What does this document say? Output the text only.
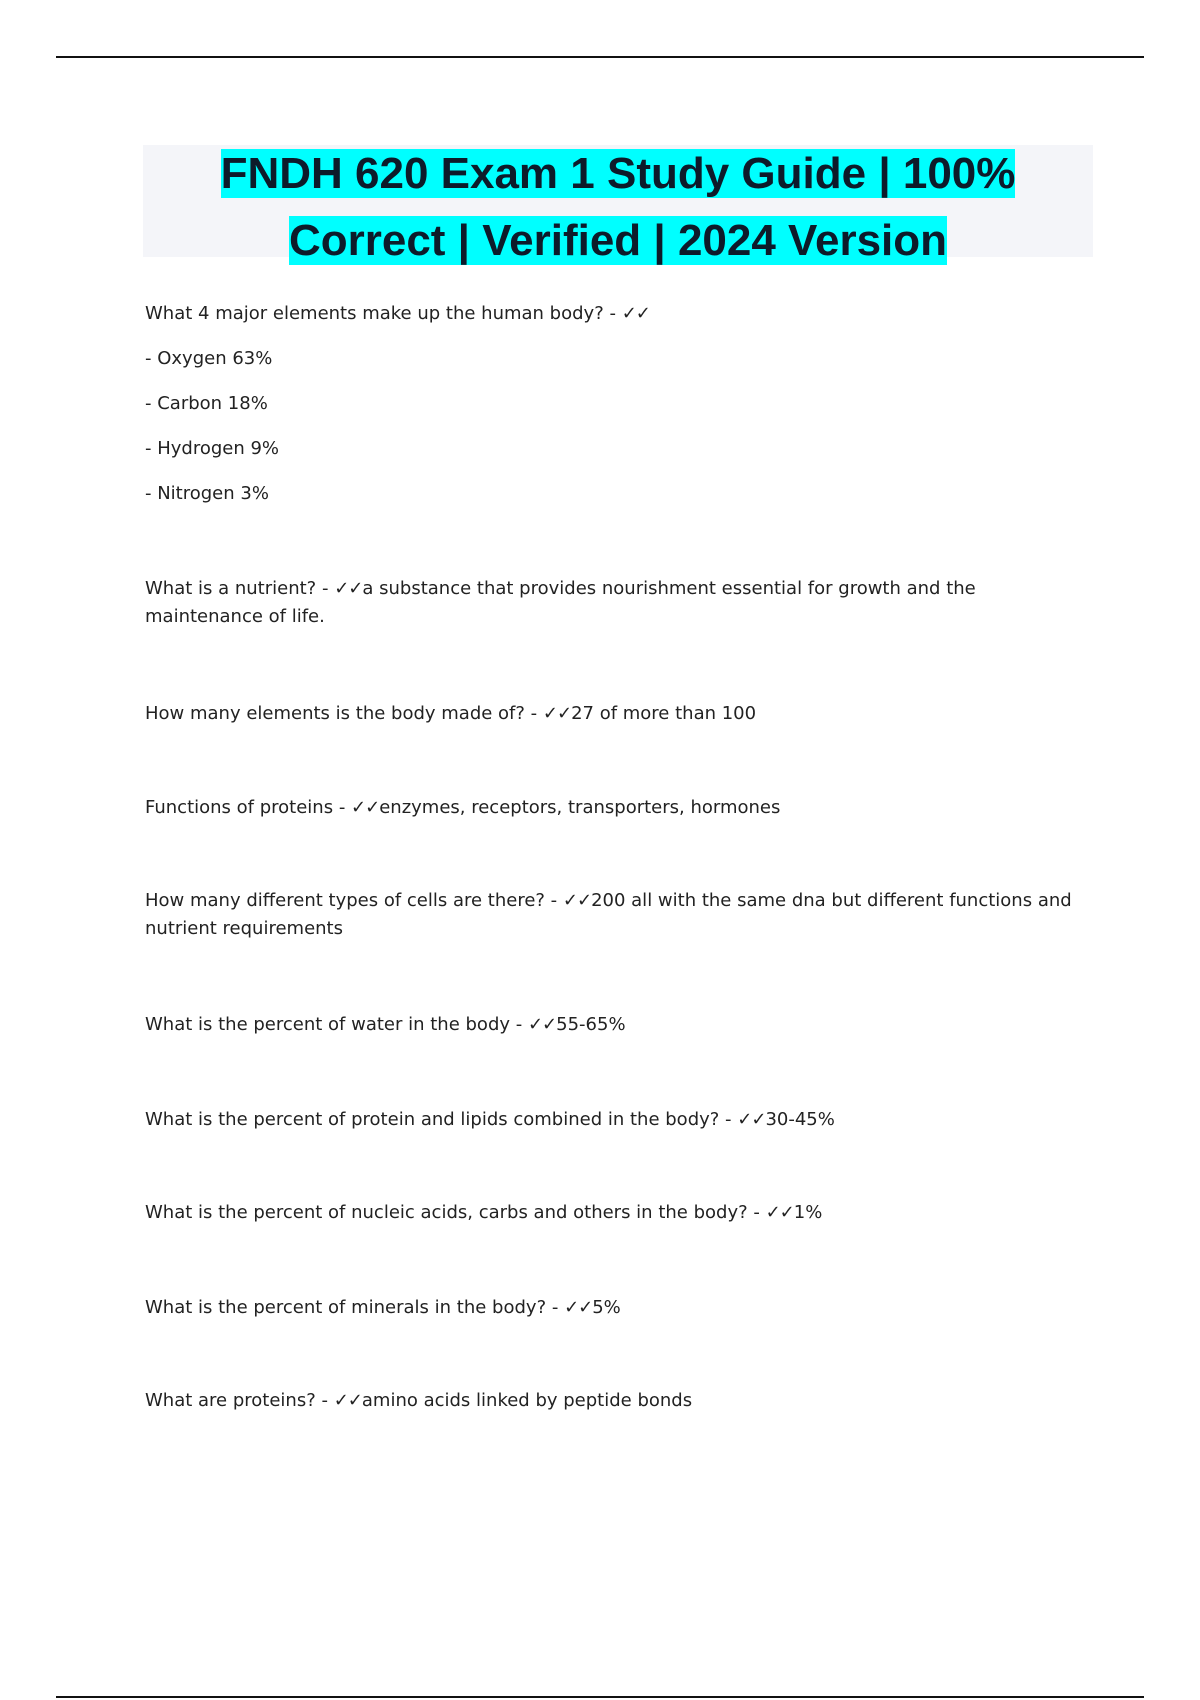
FNDH 620 Exam 1 Study Guide | 100%
Correct | Verified | 2024 Version

What 4 major elements make up the human body? - ✓✓

- Oxygen 63%
- Carbon 18%
- Hydrogen 9%
- Nitrogen 3%

What is a nutrient? - ✓✓a substance that provides nourishment essential for growth and the maintenance of life.

How many elements is the body made of? - ✓✓27 of more than 100

Functions of proteins - ✓✓enzymes, receptors, transporters, hormones

How many different types of cells are there? - ✓✓200 all with the same dna but different functions and nutrient requirements

What is the percent of water in the body - ✓✓55-65%

What is the percent of protein and lipids combined in the body? - ✓✓30-45%

What is the percent of nucleic acids, carbs and others in the body? - ✓✓1%

What is the percent of minerals in the body? - ✓✓5%

What are proteins? - ✓✓amino acids linked by peptide bonds
